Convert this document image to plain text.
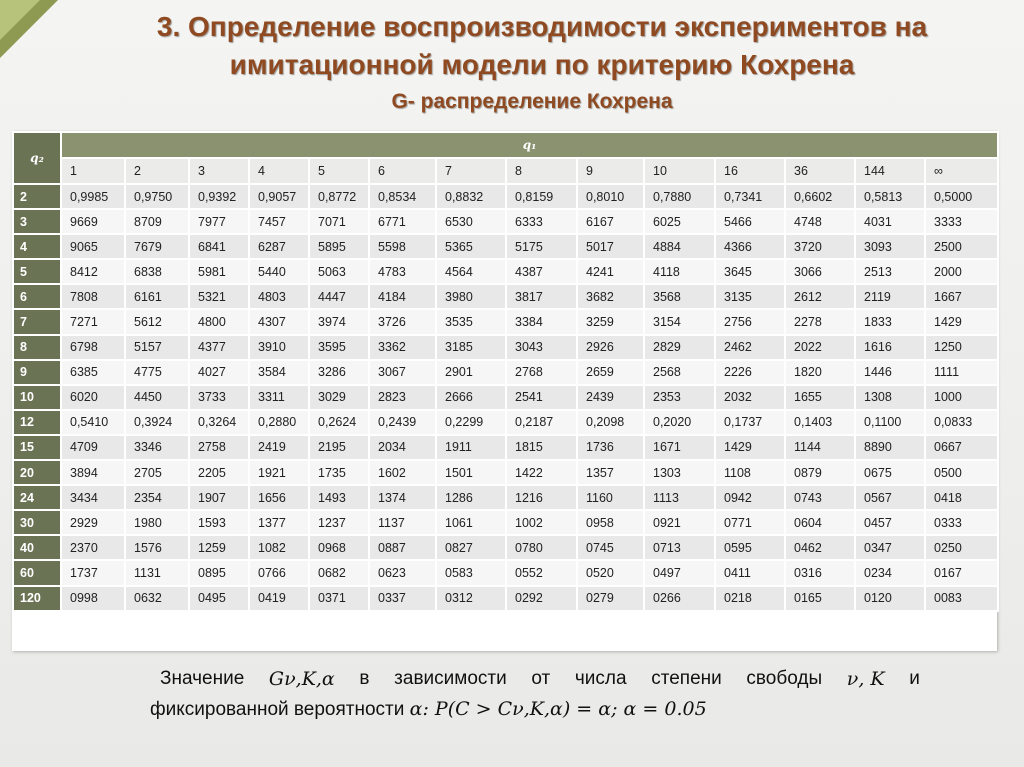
3. Определение воспроизводимости экспериментов на
имитационной модели по критерию Кохрена
G- распределение Кохрена
q₂	q₁													
	1	2	3	4	5	6	7	8	9	10	16	36	144	∞
2	0,9985	0,9750	0,9392	0,9057	0,8772	0,8534	0,8832	0,8159	0,8010	0,7880	0,7341	0,6602	0,5813	0,5000
3	9669	8709	7977	7457	7071	6771	6530	6333	6167	6025	5466	4748	4031	3333
4	9065	7679	6841	6287	5895	5598	5365	5175	5017	4884	4366	3720	3093	2500
5	8412	6838	5981	5440	5063	4783	4564	4387	4241	4118	3645	3066	2513	2000
6	7808	6161	5321	4803	4447	4184	3980	3817	3682	3568	3135	2612	2119	1667
7	7271	5612	4800	4307	3974	3726	3535	3384	3259	3154	2756	2278	1833	1429
8	6798	5157	4377	3910	3595	3362	3185	3043	2926	2829	2462	2022	1616	1250
9	6385	4775	4027	3584	3286	3067	2901	2768	2659	2568	2226	1820	1446	1111
10	6020	4450	3733	3311	3029	2823	2666	2541	2439	2353	2032	1655	1308	1000
12	0,5410	0,3924	0,3264	0,2880	0,2624	0,2439	0,2299	0,2187	0,2098	0,2020	0,1737	0,1403	0,1100	0,0833
15	4709	3346	2758	2419	2195	2034	1911	1815	1736	1671	1429	1144	8890	0667
20	3894	2705	2205	1921	1735	1602	1501	1422	1357	1303	1108	0879	0675	0500
24	3434	2354	1907	1656	1493	1374	1286	1216	1160	1113	0942	0743	0567	0418
30	2929	1980	1593	1377	1237	1137	1061	1002	0958	0921	0771	0604	0457	0333
40	2370	1576	1259	1082	0968	0887	0827	0780	0745	0713	0595	0462	0347	0250
60	1737	1131	0895	0766	0682	0623	0583	0552	0520	0497	0411	0316	0234	0167
120	0998	0632	0495	0419	0371	0337	0312	0292	0279	0266	0218	0165	0120	0083
Значение Gν,K,α в зависимости от числа степени свободы ν, K и
фиксированной вероятности α: P(C > Cν,K,α) = α; α = 0.05
